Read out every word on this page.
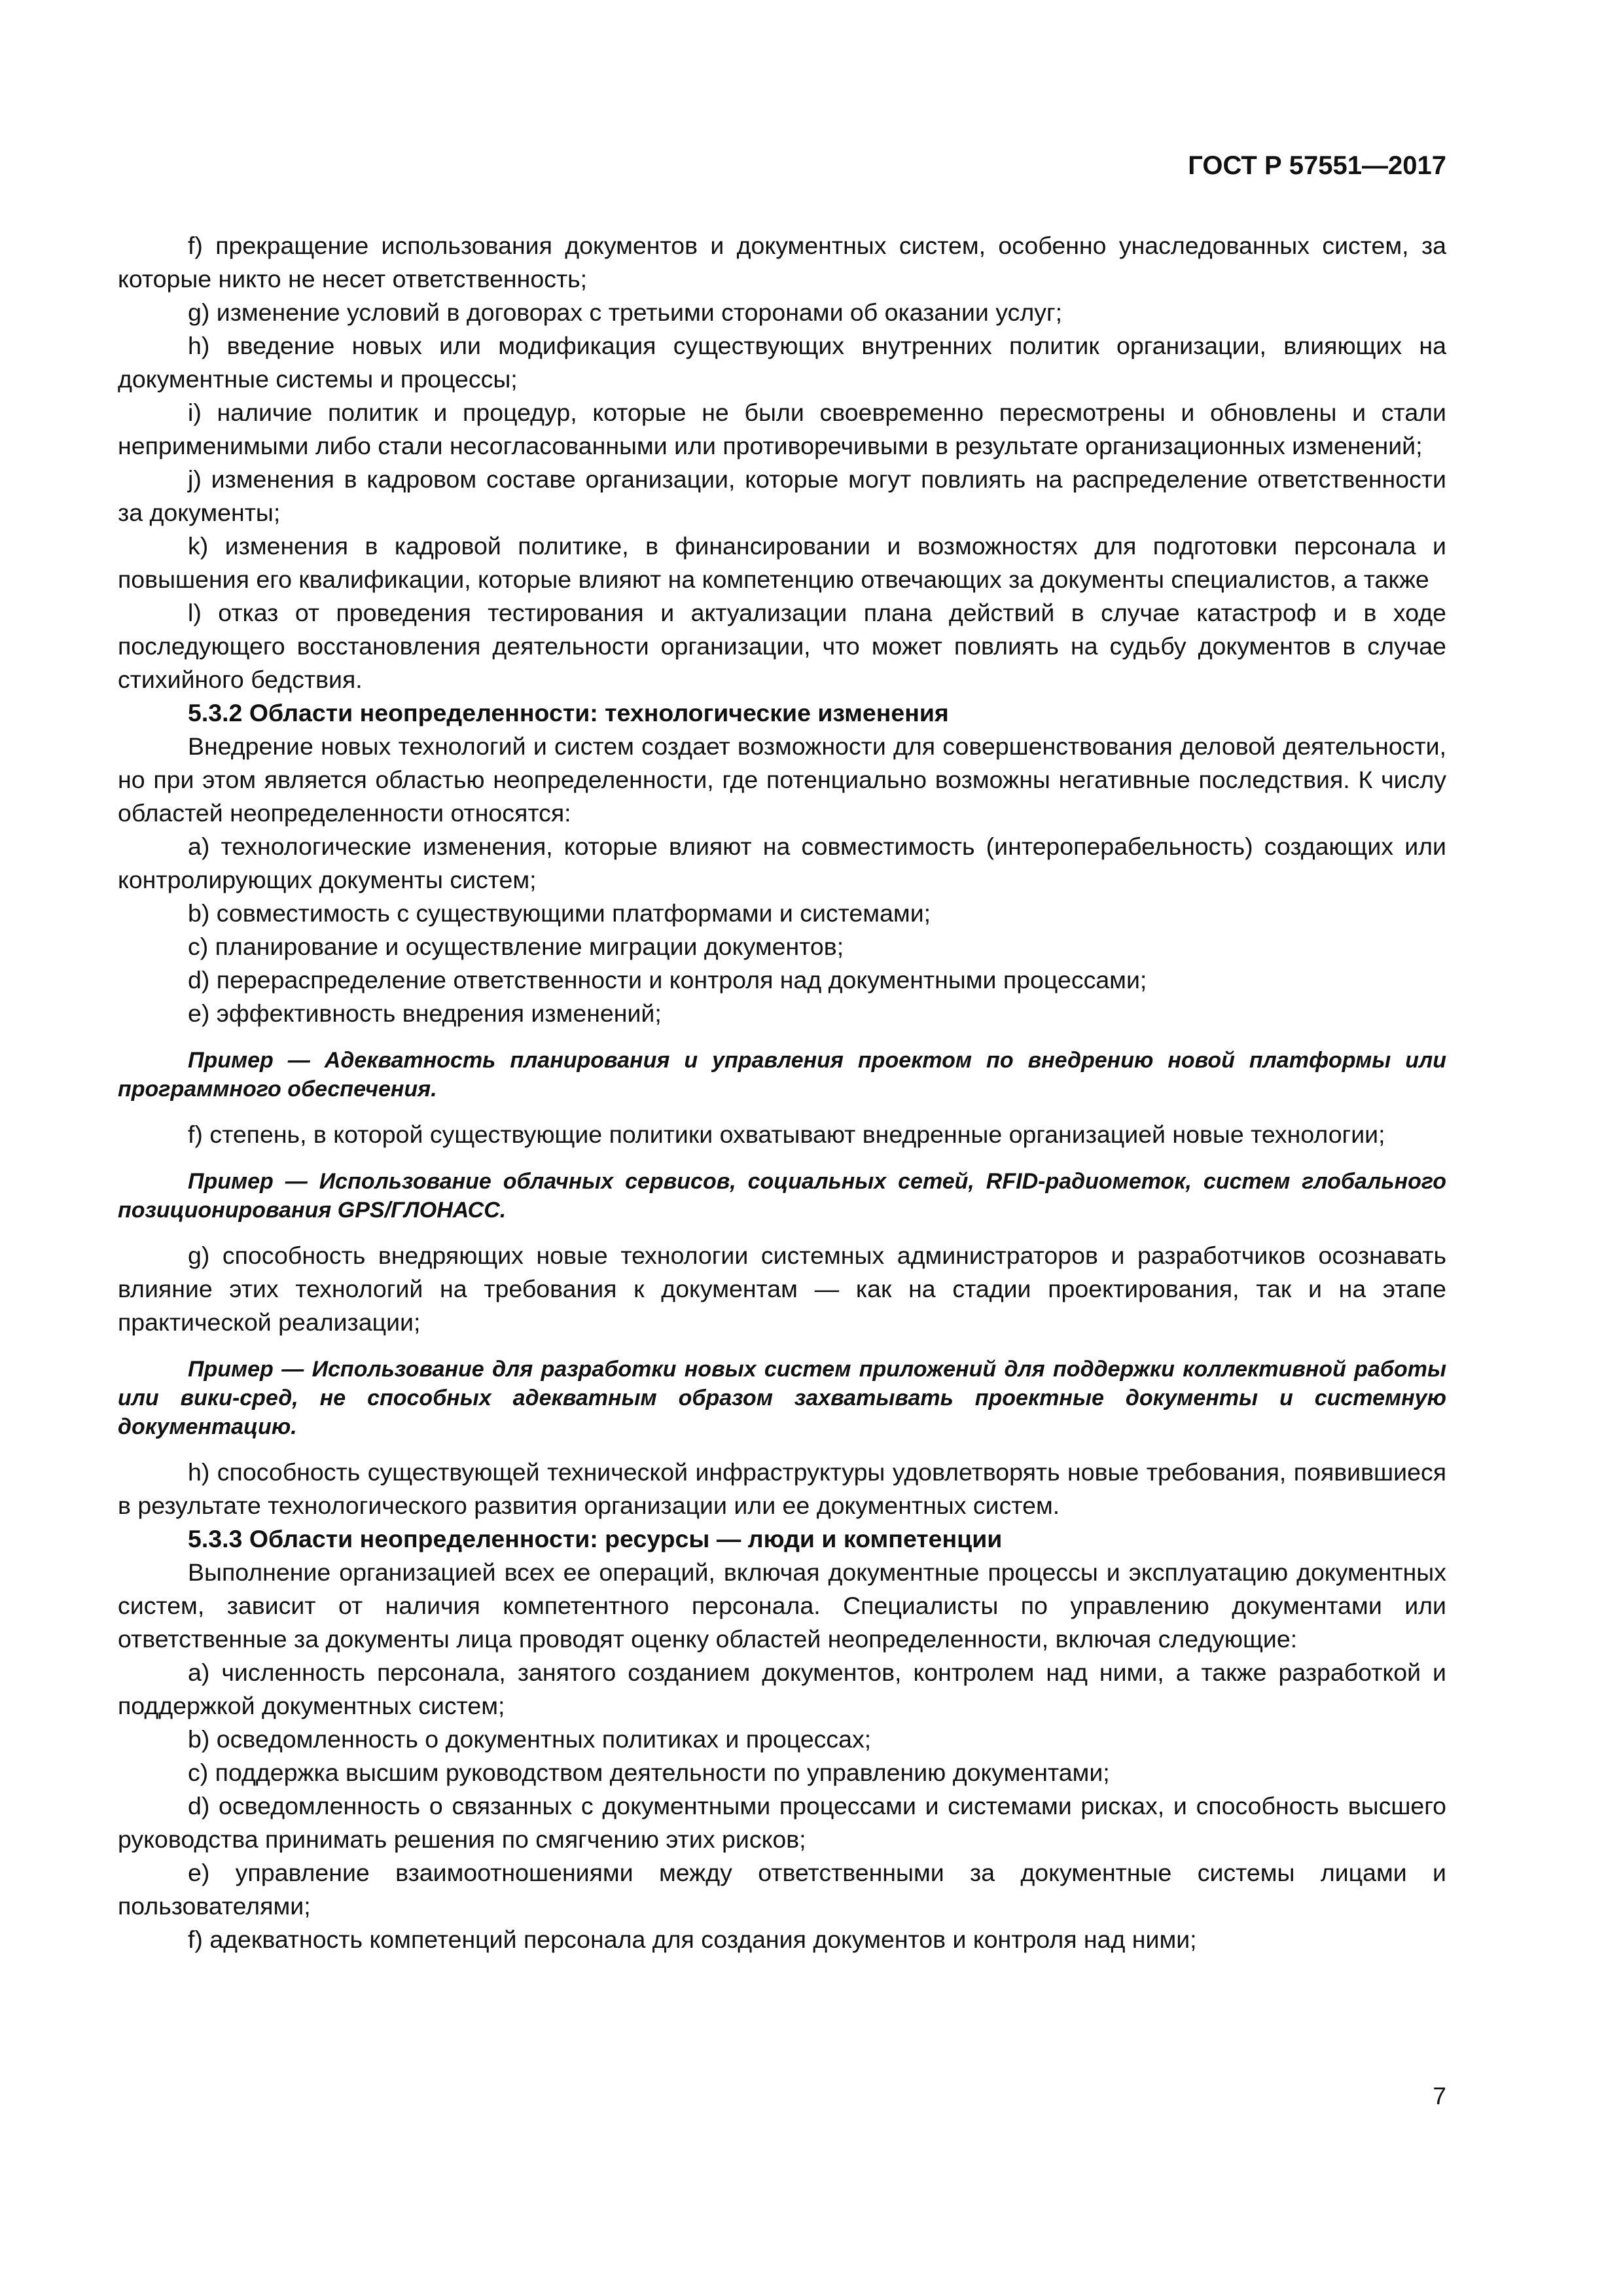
ГОСТ Р 57551—2017

f) прекращение использования документов и документных систем, особенно унаследованных систем, за которые никто не несет ответственность;

g) изменение условий в договорах с третьими сторонами об оказании услуг;

h) введение новых или модификация существующих внутренних политик организации, влияющих на документные системы и процессы;

i) наличие политик и процедур, которые не были своевременно пересмотрены и обновлены и стали неприменимыми либо стали несогласованными или противоречивыми в результате организационных изменений;

j) изменения в кадровом составе организации, которые могут повлиять на распределение ответственности за документы;

k) изменения в кадровой политике, в финансировании и возможностях для подготовки персонала и повышения его квалификации, которые влияют на компетенцию отвечающих за документы специалистов, а также

l) отказ от проведения тестирования и актуализации плана действий в случае катастроф и в ходе последующего восстановления деятельности организации, что может повлиять на судьбу документов в случае стихийного бедствия.

5.3.2 Области неопределенности: технологические изменения

Внедрение новых технологий и систем создает возможности для совершенствования деловой деятельности, но при этом является областью неопределенности, где потенциально возможны негативные последствия. К числу областей неопределенности относятся:

a) технологические изменения, которые влияют на совместимость (интероперабельность) создающих или контролирующих документы систем;

b) совместимость с существующими платформами и системами;

c) планирование и осуществление миграции документов;

d) перераспределение ответственности и контроля над документными процессами;

e) эффективность внедрения изменений;

Пример — Адекватность планирования и управления проектом по внедрению новой платформы или программного обеспечения.

f) степень, в которой существующие политики охватывают внедренные организацией новые технологии;

Пример — Использование облачных сервисов, социальных сетей, RFID-радиометок, систем глобального позиционирования GPS/ГЛОНАСС.

g) способность внедряющих новые технологии системных администраторов и разработчиков осознавать влияние этих технологий на требования к документам — как на стадии проектирования, так и на этапе практической реализации;

Пример — Использование для разработки новых систем приложений для поддержки коллективной работы или вики-сред, не способных адекватным образом захватывать проектные документы и системную документацию.

h) способность существующей технической инфраструктуры удовлетворять новые требования, появившиеся в результате технологического развития организации или ее документных систем.

5.3.3 Области неопределенности: ресурсы — люди и компетенции

Выполнение организацией всех ее операций, включая документные процессы и эксплуатацию документных систем, зависит от наличия компетентного персонала. Специалисты по управлению документами или ответственные за документы лица проводят оценку областей неопределенности, включая следующие:

a) численность персонала, занятого созданием документов, контролем над ними, а также разработкой и поддержкой документных систем;

b) осведомленность о документных политиках и процессах;

c) поддержка высшим руководством деятельности по управлению документами;

d) осведомленность о связанных с документными процессами и системами рисках, и способность высшего руководства принимать решения по смягчению этих рисков;

e) управление взаимоотношениями между ответственными за документные системы лицами и пользователями;

f) адекватность компетенций персонала для создания документов и контроля над ними;

7
